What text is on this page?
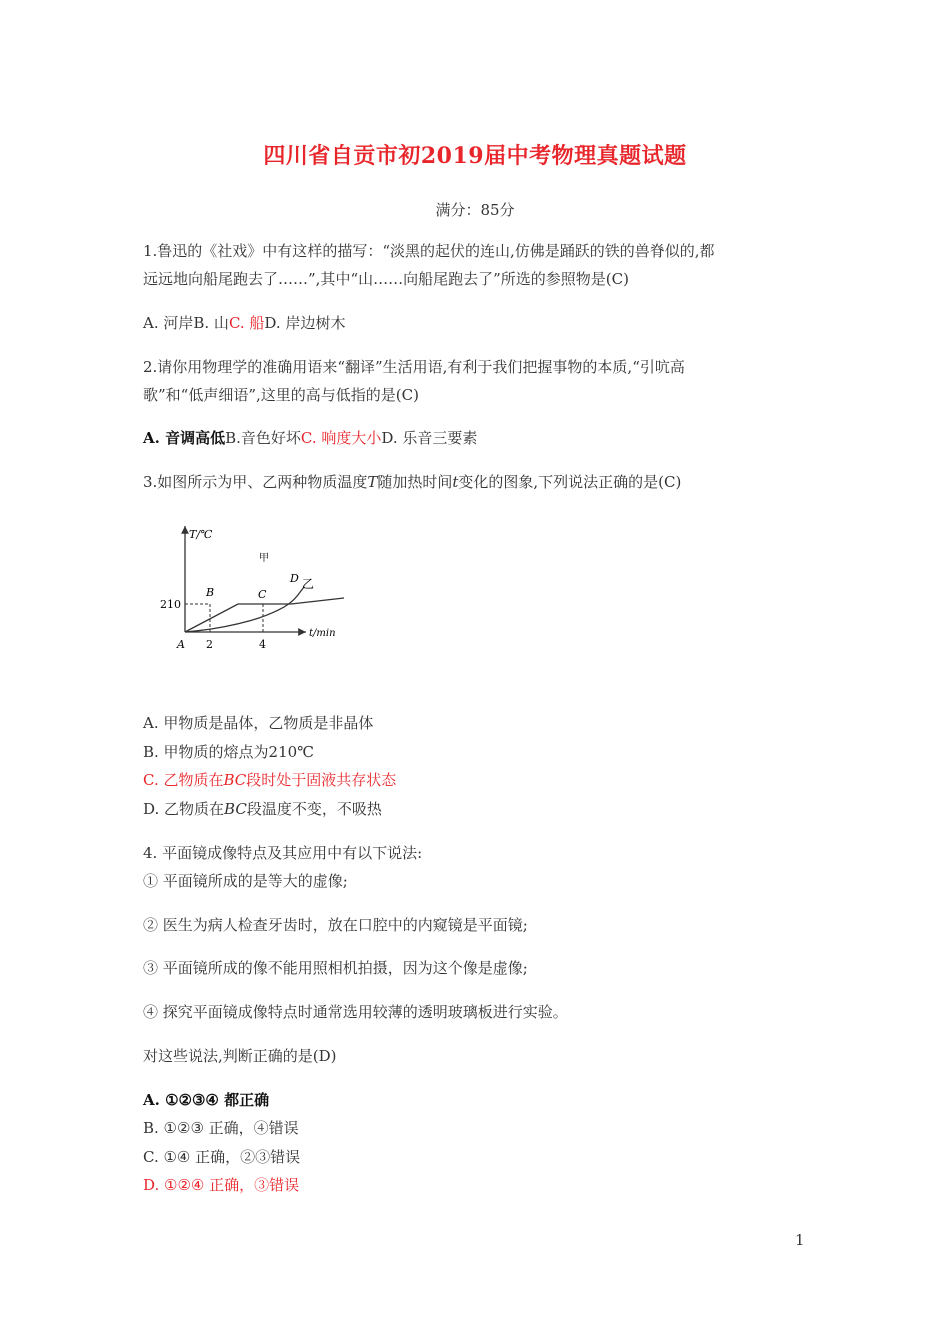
四川省自贡市初2019届中考物理真题试题
满分：85分
1.鲁迅的《社戏》中有这样的描写：“淡黑的起伏的连山,仿佛是踊跃的铁的兽脊似的,都
远远地向船尾跑去了……”,其中“山……向船尾跑去了”所选的参照物是(C)
A. 河岸B. 山C. 船D. 岸边树木
2.请你用物理学的准确用语来“翻译”生活用语,有利于我们把握事物的本质,“引吭高
歌”和“低声细语”,这里的高与低指的是(C)
A. 音调高低B.音色好坏C. 响度大小D. 乐音三要素
3.如图所示为甲、乙两种物质温度T随加热时间t变化的图象,下列说法正确的是(C)
T/℃
t/min
210
2	4
A
B	C
D
甲
乙
A. 甲物质是晶体，乙物质是非晶体
B. 甲物质的熔点为210℃
C. 乙物质在BC段时处于固液共存状态
D. 乙物质在BC段温度不变，不吸热
4. 平面镜成像特点及其应用中有以下说法:
① 平面镜所成的是等大的虚像;
② 医生为病人检查牙齿时，放在口腔中的内窥镜是平面镜;
③ 平面镜所成的像不能用照相机拍摄，因为这个像是虚像;
④ 探究平面镜成像特点时通常选用较薄的透明玻璃板进行实验。
对这些说法,判断正确的是(D)
A. ①②③④ 都正确
B. ①②③ 正确，④错误
C. ①④ 正确，②③错误
D. ①②④ 正确，③错误
1
